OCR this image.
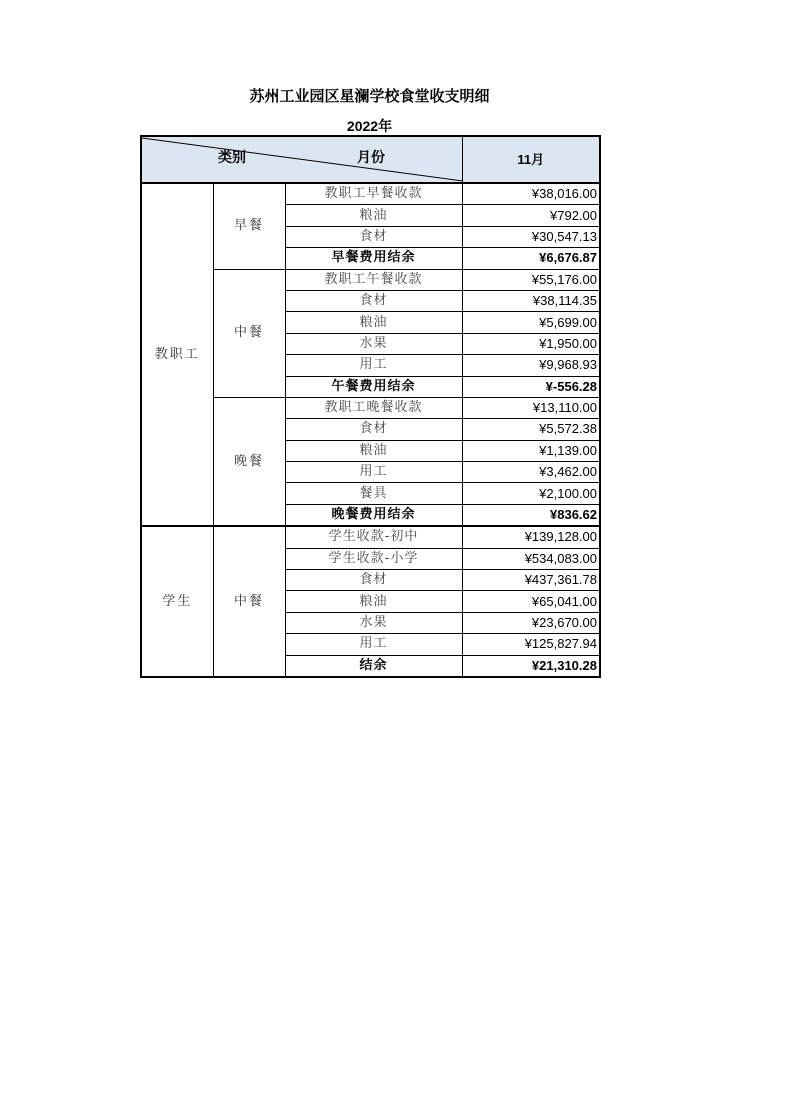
苏州工业园区星澜学校食堂收支明细
2022年
类别 月份			11月
教职工	早餐	教职工早餐收款	¥38,016.00
		粮油	¥792.00
		食材	¥30,547.13
		早餐费用结余	¥6,676.87
	中餐	教职工午餐收款	¥55,176.00
		食材	¥38,114.35
		粮油	¥5,699.00
		水果	¥1,950.00
		用工	¥9,968.93
		午餐费用结余	¥-556.28
	晚餐	教职工晚餐收款	¥13,110.00
		食材	¥5,572.38
		粮油	¥1,139.00
		用工	¥3,462.00
		餐具	¥2,100.00
		晚餐费用结余	¥836.62
学生	中餐	学生收款-初中	¥139,128.00
		学生收款-小学	¥534,083.00
		食材	¥437,361.78
		粮油	¥65,041.00
		水果	¥23,670.00
		用工	¥125,827.94
		结余	¥21,310.28
